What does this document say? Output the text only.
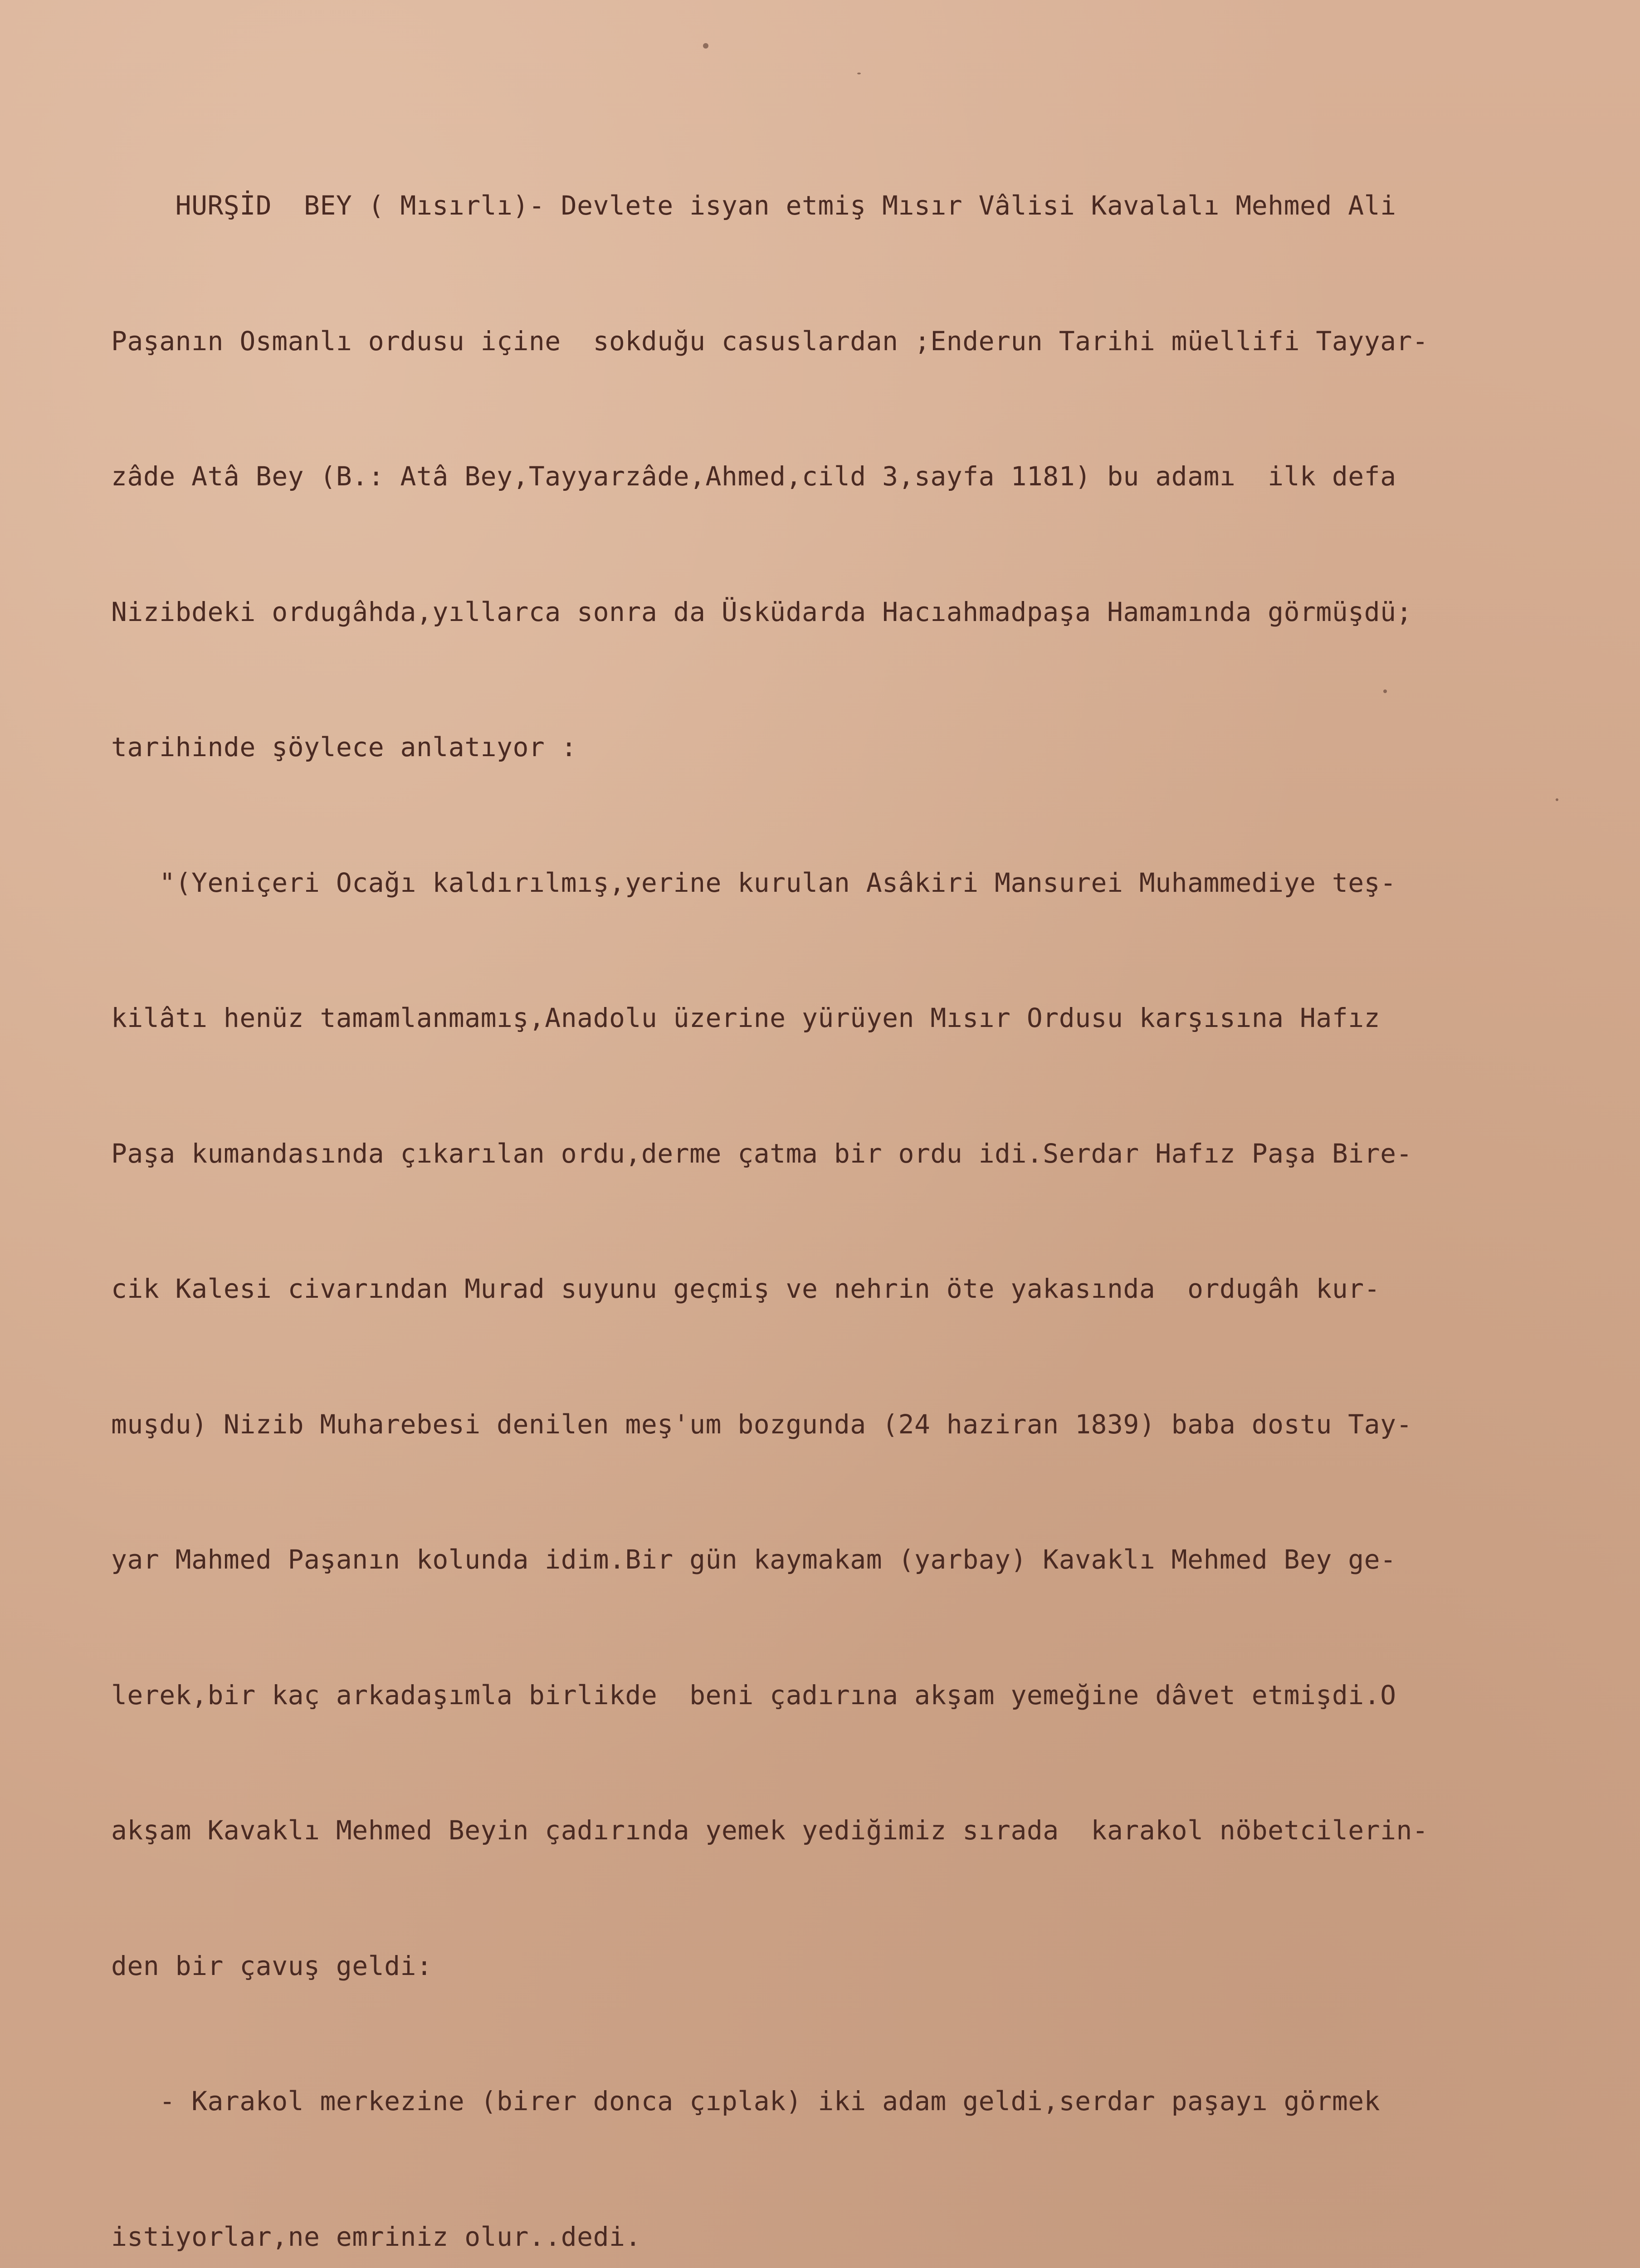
HURŞİD  BEY ( Mısırlı)- Devlete isyan etmiş Mısır Vâlisi Kavalalı Mehmed Ali

Paşanın Osmanlı ordusu içine  sokduğu casuslardan ;Enderun Tarihi müellifi Tayyar-

zâde Atâ Bey (B.: Atâ Bey,Tayyarzâde,Ahmed,cild 3,sayfa 1181) bu adamı  ilk defa

Nizibdeki ordugâhda,yıllarca sonra da Üsküdarda Hacıahmadpaşa Hamamında görmüşdü;

tarihinde şöylece anlatıyor :

"(Yeniçeri Ocağı kaldırılmış,yerine kurulan Asâkiri Mansurei Muhammediye teş-

kilâtı henüz tamamlanmamış,Anadolu üzerine yürüyen Mısır Ordusu karşısına Hafız

Paşa kumandasında çıkarılan ordu,derme çatma bir ordu idi.Serdar Hafız Paşa Bire-

cik Kalesi civarından Murad suyunu geçmiş ve nehrin öte yakasında  ordugâh kur-

muşdu) Nizib Muharebesi denilen meş'um bozgunda (24 haziran 1839) baba dostu Tay-

yar Mahmed Paşanın kolunda idim.Bir gün kaymakam (yarbay) Kavaklı Mehmed Bey ge-

lerek,bir kaç arkadaşımla birlikde  beni çadırına akşam yemeğine dâvet etmişdi.O

akşam Kavaklı Mehmed Beyin çadırında yemek yediğimiz sırada  karakol nöbetcilerin-

den bir çavuş geldi:

- Karakol merkezine (birer donca çıplak) iki adam geldi,serdar paşayı görmek

istiyorlar,ne emriniz olur..dedi.
